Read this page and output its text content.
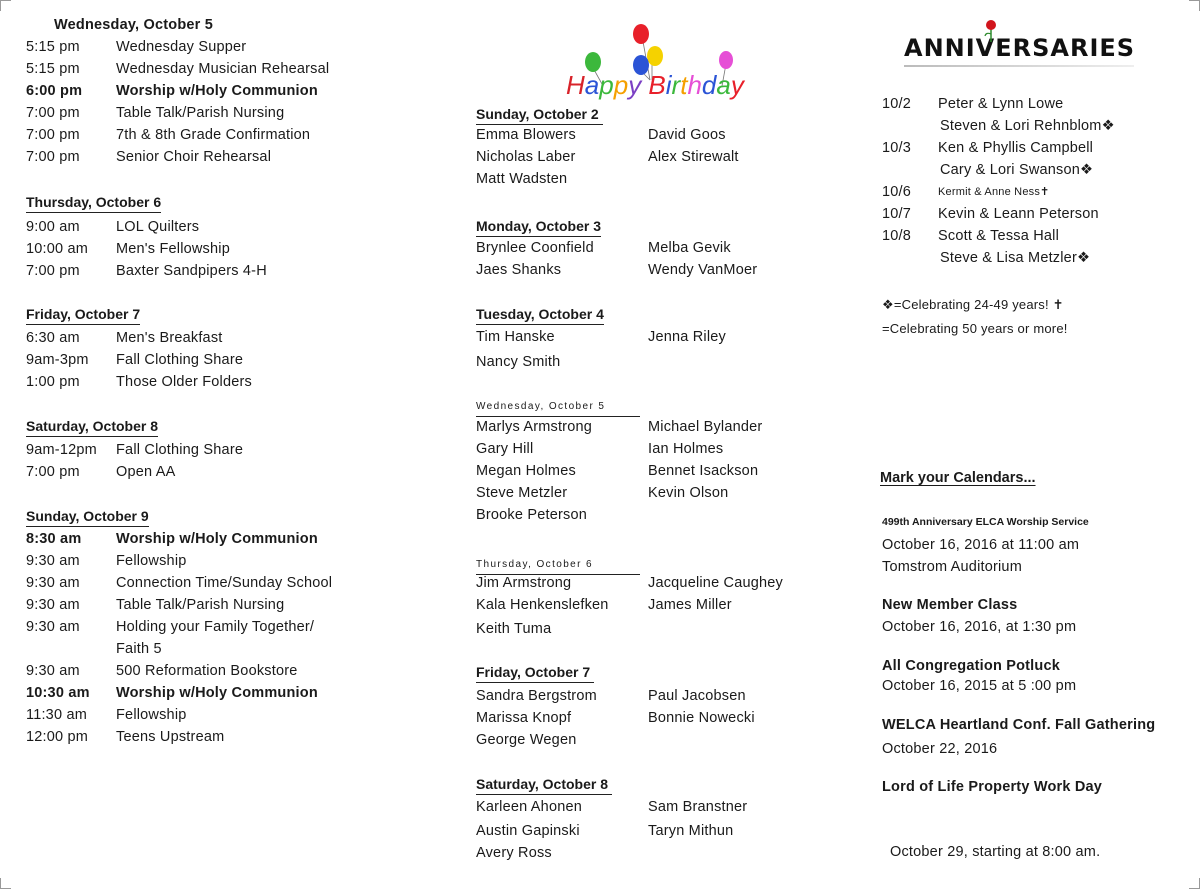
Wednesday, October 5
5:15 pm	Wednesday Supper
5:15 pm	Wednesday Musician Rehearsal
6:00 pm	Worship w/Holy Communion
7:00 pm	Table Talk/Parish Nursing
7:00 pm	7th & 8th Grade Confirmation
7:00 pm	Senior Choir Rehearsal
Thursday, October 6
9:00 am	LOL Quilters
10:00 am	Men's Fellowship
7:00 pm	Baxter Sandpipers 4-H
Friday, October 7
6:30 am	Men's Breakfast
9am-3pm	Fall Clothing Share
1:00 pm	Those Older Folders
Saturday, October 8
9am-12pm	Fall Clothing Share
7:00 pm	Open AA
Sunday, October 9
8:30 am	Worship w/Holy Communion
9:30 am	Fellowship
9:30 am	Connection Time/Sunday School
9:30 am	Table Talk/Parish Nursing
9:30 am	Holding your Family Together/
Faith 5
9:30 am	500 Reformation Bookstore
10:30 am	Worship w/Holy Communion
11:30 am	Fellowship
12:00 pm	Teens Upstream
Happy Birthday
Sunday, October 2
Emma Blowers	David Goos
Nicholas Laber	Alex Stirewalt
Matt Wadsten
Monday, October 3
Brynlee Coonfield	Melba Gevik
Jaes Shanks	Wendy VanMoer
Tuesday, October 4
Tim Hanske	Jenna Riley
Nancy Smith
Wednesday, October 5
Marlys Armstrong	Michael Bylander
Gary Hill	Ian Holmes
Megan Holmes	Bennet Isackson
Steve Metzler	Kevin Olson
Brooke Peterson
Thursday, October 6
Jim Armstrong	Jacqueline Caughey
Kala Henkenslefken	James Miller
Keith Tuma
Friday, October 7
Sandra Bergstrom	Paul Jacobsen
Marissa Knopf	Bonnie Nowecki
George Wegen
Saturday, October 8
Karleen Ahonen	Sam Branstner
Austin Gapinski	Taryn Mithun
Avery Ross
ANNIVERSARIES
10/2	Peter & Lynn Lowe
Steven & Lori Rehnblom❖
10/3	Ken & Phyllis Campbell
Cary & Lori Swanson❖
10/6	Kermit & Anne Ness✝
10/7	Kevin & Leann Peterson
10/8	Scott & Tessa Hall
Steve & Lisa Metzler❖
❖=Celebrating 24-49 years! ✝
=Celebrating 50 years or more!
Mark your Calendars...
499th Anniversary ELCA Worship Service
October 16, 2016 at 11:00 am
Tomstrom Auditorium
New Member Class
October 16, 2016, at 1:30 pm
All Congregation Potluck
October 16, 2015 at 5 :00 pm
WELCA Heartland Conf. Fall Gathering
October 22, 2016
Lord of Life Property Work Day
October 29, starting at 8:00 am.
